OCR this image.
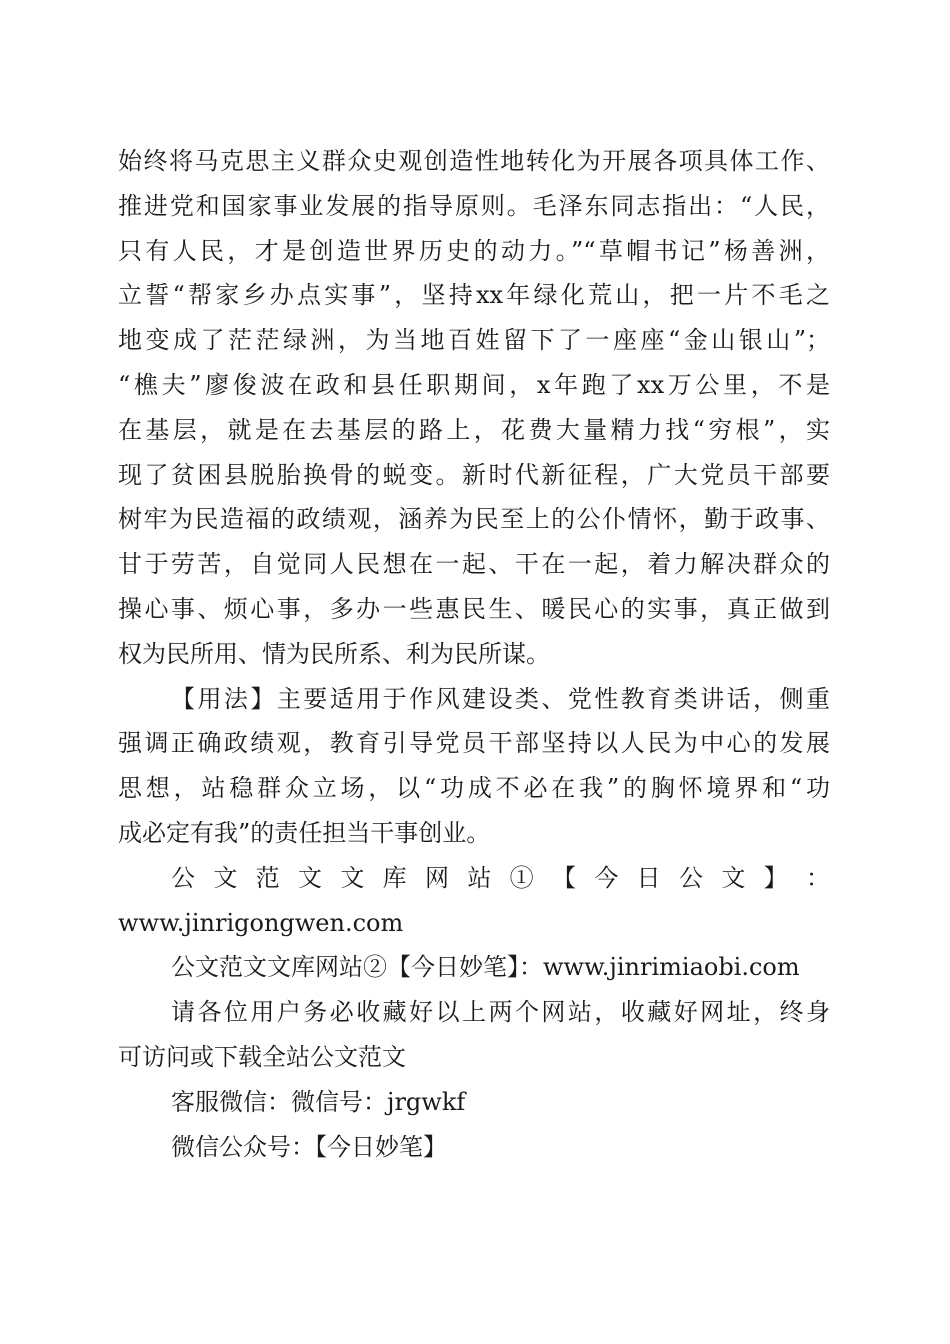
始终将马克思主义群众史观创造性地转化为开展各项具体工作、
推进党和国家事业发展的指导原则。毛泽东同志指出：“人民，
只有人民，才是创造世界历史的动力。”“草帽书记”杨善洲，
立誓“帮家乡办点实事”，坚持xx年绿化荒山，把一片不毛之
地变成了茫茫绿洲，为当地百姓留下了一座座“金山银山”；
“樵夫”廖俊波在政和县任职期间，x年跑了xx万公里，不是
在基层，就是在去基层的路上，花费大量精力找“穷根”，实
现了贫困县脱胎换骨的蜕变。新时代新征程，广大党员干部要
树牢为民造福的政绩观，涵养为民至上的公仆情怀，勤于政事、
甘于劳苦，自觉同人民想在一起、干在一起，着力解决群众的
操心事、烦心事，多办一些惠民生、暖民心的实事，真正做到
权为民所用、情为民所系、利为民所谋。
【用法】主要适用于作风建设类、党性教育类讲话，侧重
强调正确政绩观，教育引导党员干部坚持以人民为中心的发展
思想，站稳群众立场，以“功成不必在我”的胸怀境界和“功
成必定有我”的责任担当干事创业。
公 文 范 文 文 库 网 站 ① 【 今 日 公 文 】 ：
www.jinrigongwen.com
公文范文文库网站②【今日妙笔】：www.jinrimiaobi.com
请各位用户务必收藏好以上两个网站，收藏好网址，终身
可访问或下载全站公文范文
客服微信：微信号：jrgwkf
微信公众号：【今日妙笔】
